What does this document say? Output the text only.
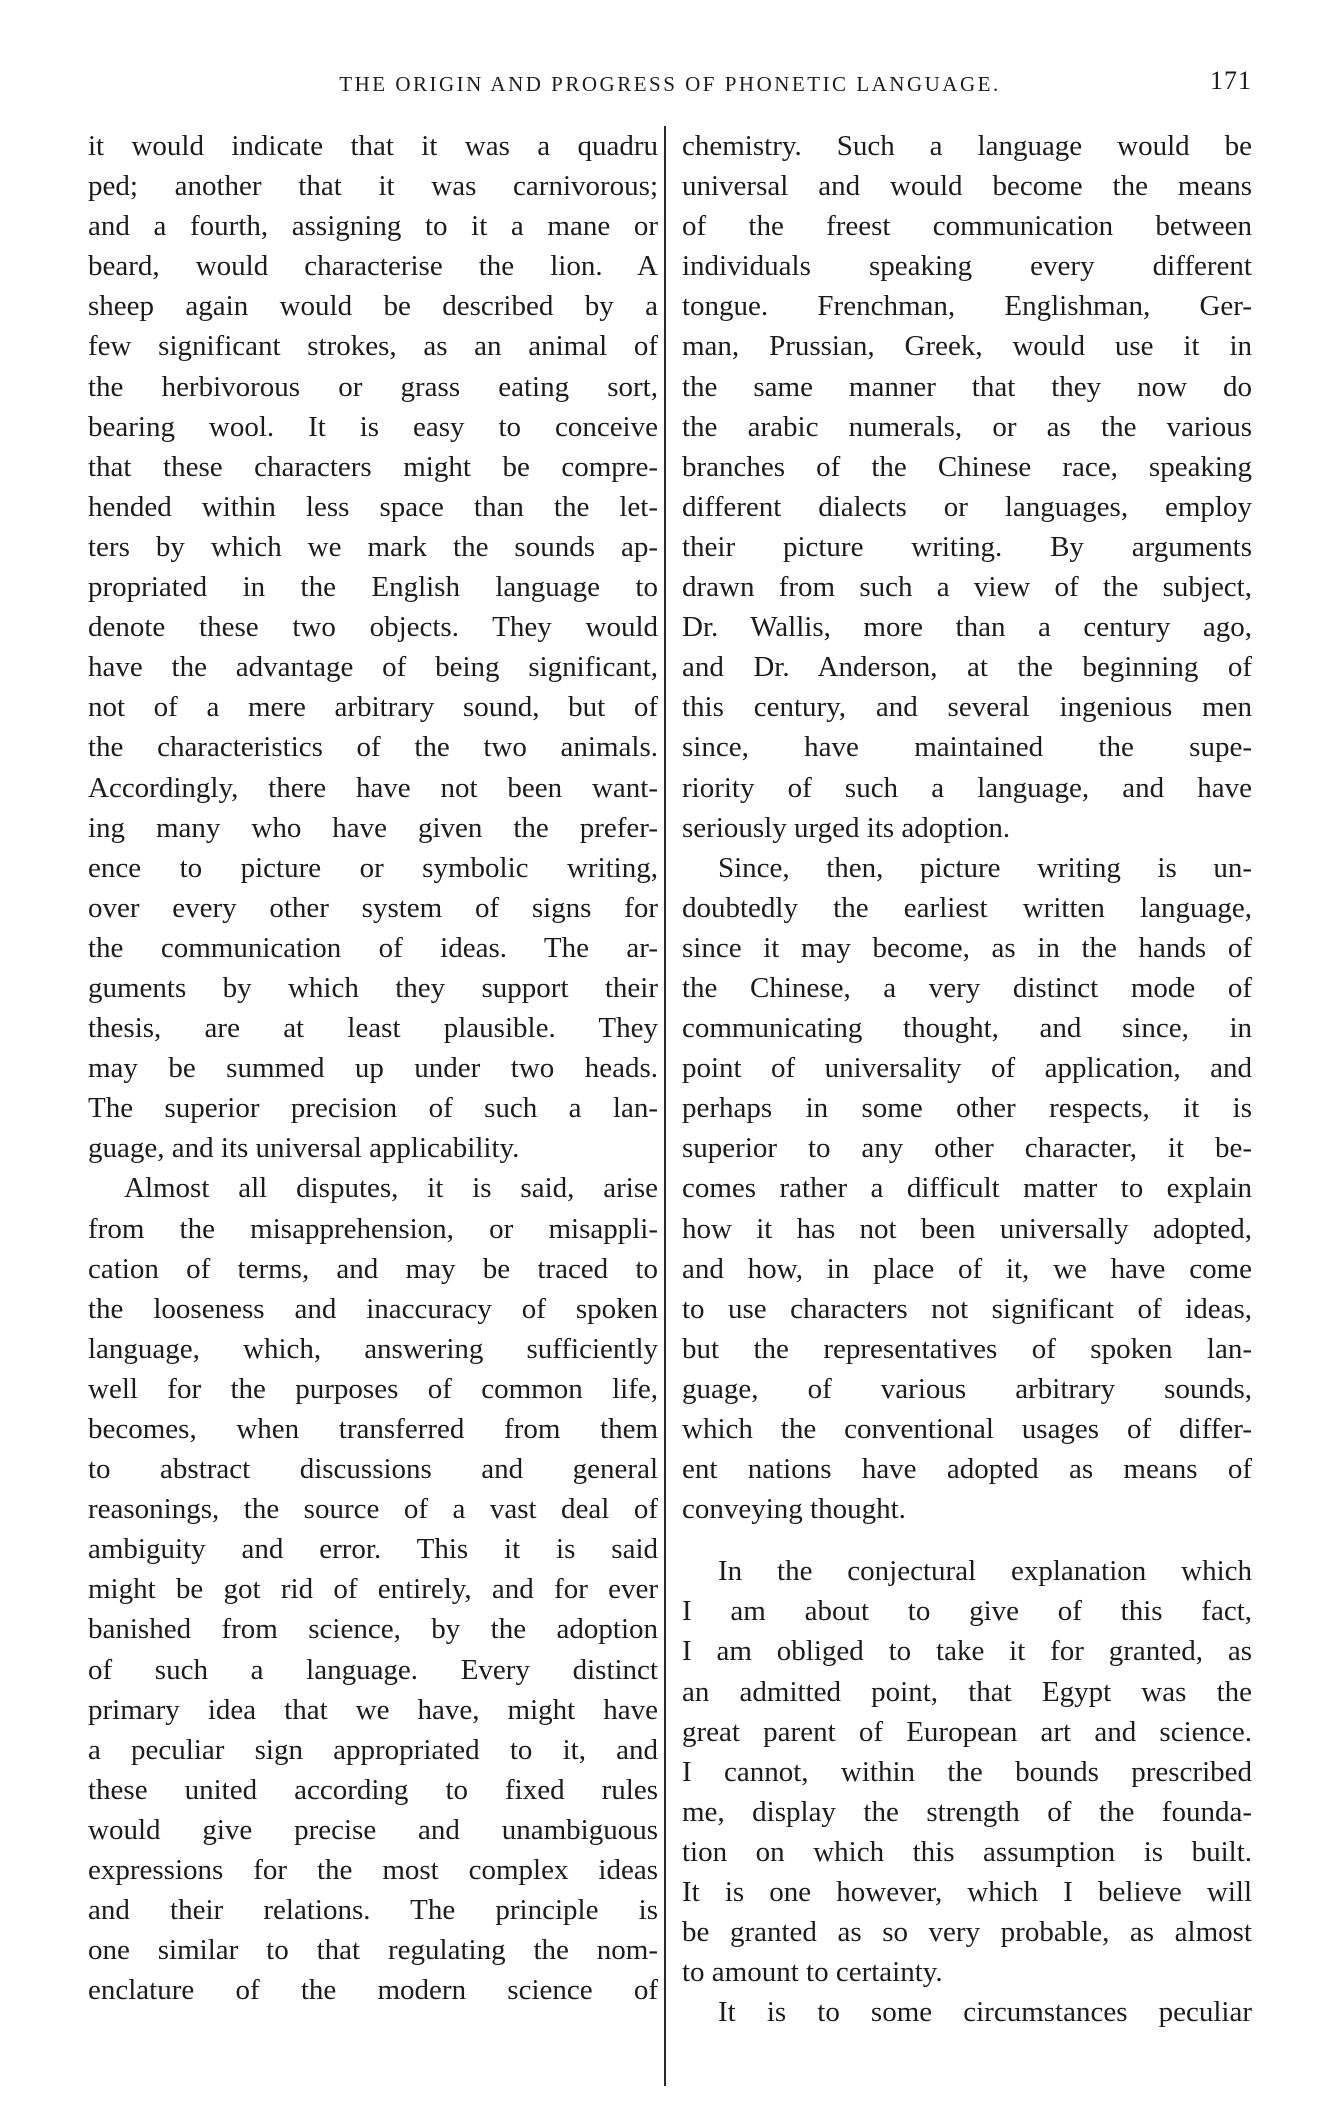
THE ORIGIN AND PROGRESS OF PHONETIC LANGUAGE.	171
it would indicate that it was a quadru
ped; another that it was carnivorous;
and a fourth, assigning to it a mane or
beard, would characterise the lion. A
sheep again would be described by a
few significant strokes, as an animal of
the herbivorous or grass eating sort,
bearing wool. It is easy to conceive
that these characters might be compre-
hended within less space than the let-
ters by which we mark the sounds ap-
propriated in the English language to
denote these two objects. They would
have the advantage of being significant,
not of a mere arbitrary sound, but of
the characteristics of the two animals.
Accordingly, there have not been want-
ing many who have given the prefer-
ence to picture or symbolic writing,
over every other system of signs for
the communication of ideas. The ar-
guments by which they support their
thesis, are at least plausible. They
may be summed up under two heads.
The superior precision of such a lan-
guage, and its universal applicability.
Almost all disputes, it is said, arise
from the misapprehension, or misappli-
cation of terms, and may be traced to
the looseness and inaccuracy of spoken
language, which, answering sufficiently
well for the purposes of common life,
becomes, when transferred from them
to abstract discussions and general
reasonings, the source of a vast deal of
ambiguity and error. This it is said
might be got rid of entirely, and for ever
banished from science, by the adoption
of such a language. Every distinct
primary idea that we have, might have
a peculiar sign appropriated to it, and
these united according to fixed rules
would give precise and unambiguous
expressions for the most complex ideas
and their relations. The principle is
one similar to that regulating the nom-
enclature of the modern science of
chemistry. Such a language would be
universal and would become the means
of the freest communication between
individuals speaking every different
tongue. Frenchman, Englishman, Ger-
man, Prussian, Greek, would use it in
the same manner that they now do
the arabic numerals, or as the various
branches of the Chinese race, speaking
different dialects or languages, employ
their picture writing. By arguments
drawn from such a view of the subject,
Dr. Wallis, more than a century ago,
and Dr. Anderson, at the beginning of
this century, and several ingenious men
since, have maintained the supe-
riority of such a language, and have
seriously urged its adoption.
Since, then, picture writing is un-
doubtedly the earliest written language,
since it may become, as in the hands of
the Chinese, a very distinct mode of
communicating thought, and since, in
point of universality of application, and
perhaps in some other respects, it is
superior to any other character, it be-
comes rather a difficult matter to explain
how it has not been universally adopted,
and how, in place of it, we have come
to use characters not significant of ideas,
but the representatives of spoken lan-
guage, of various arbitrary sounds,
which the conventional usages of differ-
ent nations have adopted as means of
conveying thought.
In the conjectural explanation which
I am about to give of this fact,
I am obliged to take it for granted, as
an admitted point, that Egypt was the
great parent of European art and science.
I cannot, within the bounds prescribed
me, display the strength of the founda-
tion on which this assumption is built.
It is one however, which I believe will
be granted as so very probable, as almost
to amount to certainty.
It is to some circumstances peculiar
